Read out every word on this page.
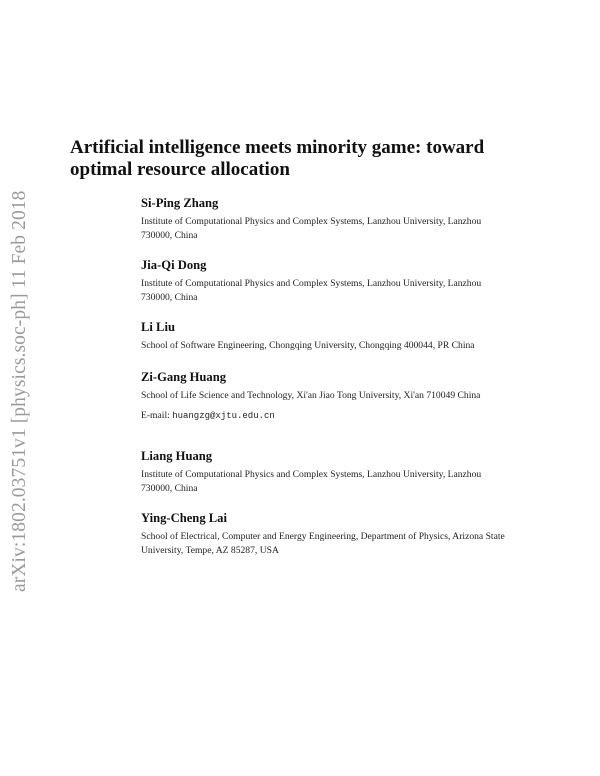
arXiv:1802.03751v1 [physics.soc-ph] 11 Feb 2018
Artificial intelligence meets minority game: toward optimal resource allocation
Si-Ping Zhang
Institute of Computational Physics and Complex Systems, Lanzhou University, Lanzhou 730000, China
Jia-Qi Dong
Institute of Computational Physics and Complex Systems, Lanzhou University, Lanzhou 730000, China
Li Liu
School of Software Engineering, Chongqing University, Chongqing 400044, PR China
Zi-Gang Huang
School of Life Science and Technology, Xi'an Jiao Tong University, Xi'an 710049 China
E-mail: huangzg@xjtu.edu.cn
Liang Huang
Institute of Computational Physics and Complex Systems, Lanzhou University, Lanzhou 730000, China
Ying-Cheng Lai
School of Electrical, Computer and Energy Engineering, Department of Physics, Arizona State University, Tempe, AZ 85287, USA
